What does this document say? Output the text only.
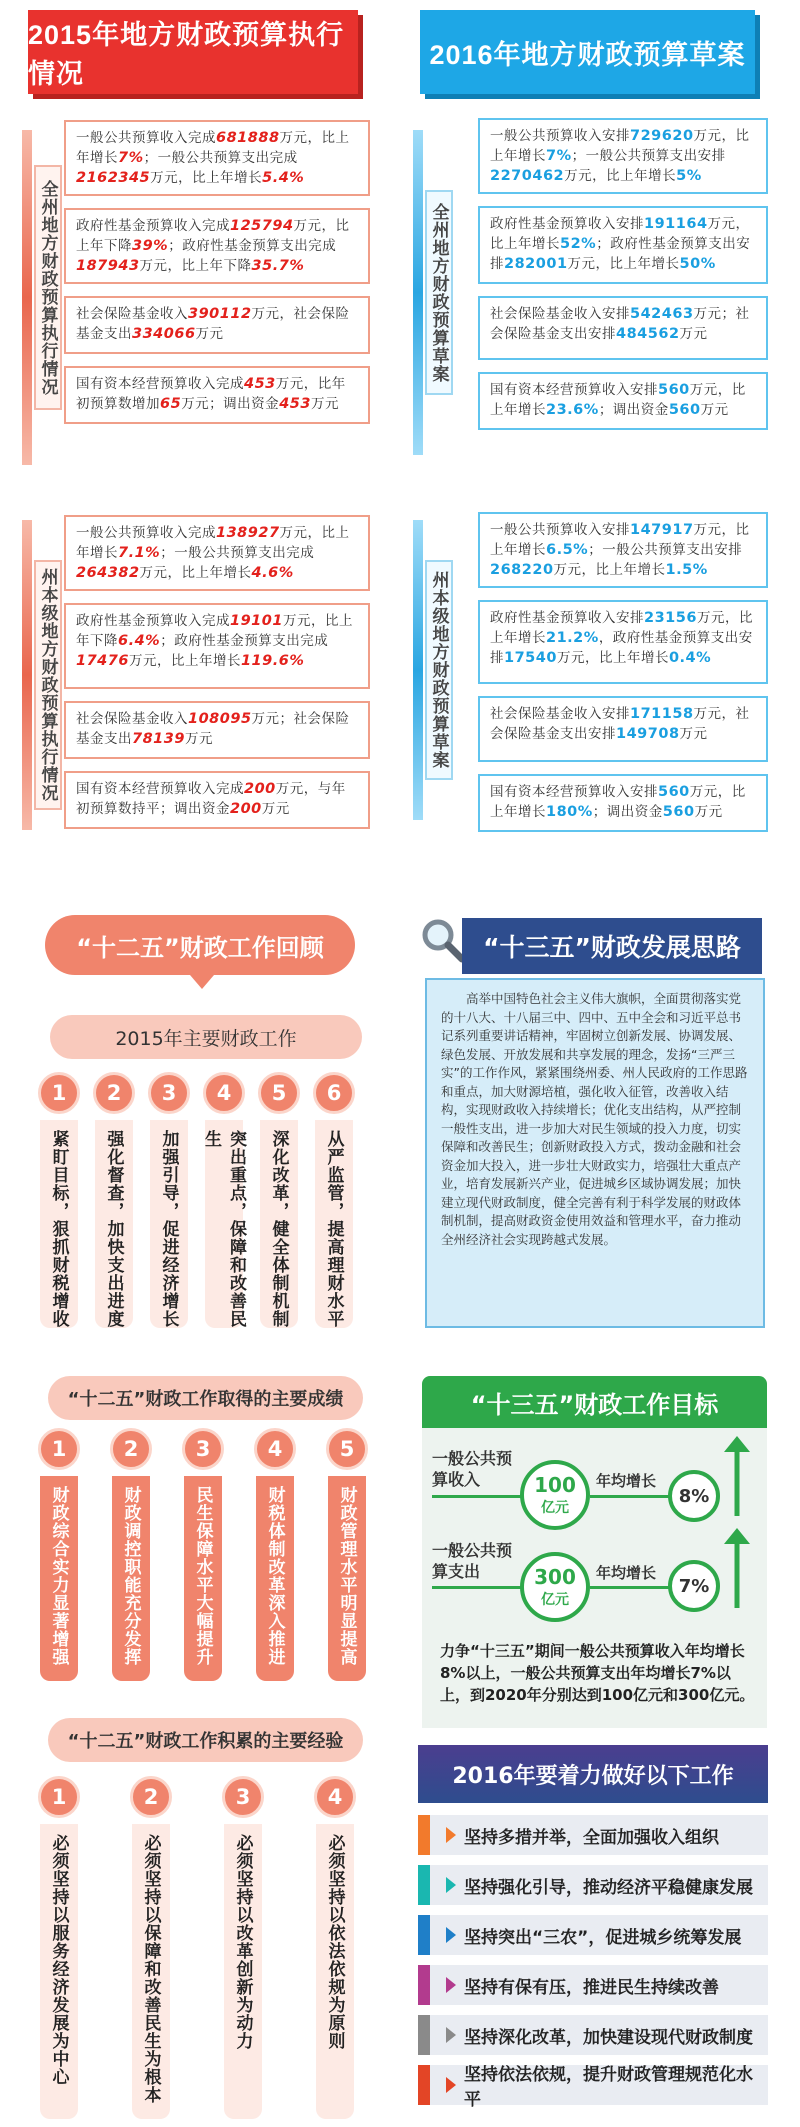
2015年地方财政预算执行情况
2016年地方财政预算草案
全州地方财政预算执行情况
一般公共预算收入完成681888万元，比上年增长7%；一般公共预算支出完成2162345万元，比上年增长5.4%
政府性基金预算收入完成125794万元，比上年下降39%；政府性基金预算支出完成187943万元，比上年下降35.7%
社会保险基金收入390112万元，社会保险基金支出334066万元
国有资本经营预算收入完成453万元，比年初预算数增加65万元；调出资金453万元
州本级地方财政预算执行情况
一般公共预算收入完成138927万元，比上年增长7.1%；一般公共预算支出完成264382万元，比上年增长4.6%
政府性基金预算收入完成19101万元，比上年下降6.4%；政府性基金预算支出完成17476万元，比上年增长119.6%
社会保险基金收入108095万元；社会保险基金支出78139万元
国有资本经营预算收入完成200万元，与年初预算数持平；调出资金200万元
全州地方财政预算草案
一般公共预算收入安排729620万元，比上年增长7%；一般公共预算支出安排2270462万元，比上年增长5%
政府性基金预算收入安排191164万元，比上年增长52%；政府性基金预算支出安排282001万元，比上年增长50%
社会保险基金收入安排542463万元；社会保险基金支出安排484562万元
国有资本经营预算收入安排560万元，比上年增长23.6%；调出资金560万元
州本级地方财政预算草案
一般公共预算收入安排147917万元，比上年增长6.5%；一般公共预算支出安排268220万元，比上年增长1.5%
政府性基金预算收入安排23156万元，比上年增长21.2%，政府性基金预算支出安排17540万元，比上年增长0.4%
社会保险基金收入安排171158万元，社会保险基金支出安排149708万元
国有资本经营预算收入安排560万元，比上年增长180%；调出资金560万元
“十二五”财政工作回顾
2015年主要财政工作
1
紧盯目标，狠抓财税增收
2
强化督查，加快支出进度
3
加强引导，促进经济增长
4
突出重点，保障和改善民生
5
深化改革，健全体制机制
6
从严监管，提高理财水平
“十二五”财政工作取得的主要成绩
1
财政综合实力显著增强
2
财政调控职能充分发挥
3
民生保障水平大幅提升
4
财税体制改革深入推进
5
财政管理水平明显提高
“十二五”财政工作积累的主要经验
1
必须坚持以服务经济发展为中心
2
必须坚持以保障和改善民生为根本
3
必须坚持以改革创新为动力
4
必须坚持以依法依规为原则
“十三五”财政发展思路
高举中国特色社会主义伟大旗帜，全面贯彻落实党的十八大、十八届三中、四中、五中全会和习近平总书记系列重要讲话精神，牢固树立创新发展、协调发展、绿色发展、开放发展和共享发展的理念，发扬“三严三实”的工作作风，紧紧围绕州委、州人民政府的工作思路和重点，加大财源培植，强化收入征管，改善收入结构，实现财政收入持续增长；优化支出结构，从严控制一般性支出，进一步加大对民生领域的投入力度，切实保障和改善民生；创新财政投入方式，拨动金融和社会资金加大投入，进一步壮大财政实力，培强壮大重点产业，培育发展新兴产业，促进城乡区域协调发展；加快建立现代财政制度，健全完善有利于科学发展的财政体制机制，提高财政资金使用效益和管理水平，奋力推动全州经济社会实现跨越式发展。
“十三五”财政工作目标
一般公共预算收入	100
亿元
年均增长
8%
一般公共预算支出	300
亿元
年均增长
7%
力争“十三五”期间一般公共预算收入年均增长8%以上，一般公共预算支出年均增长7%以上，到2020年分别达到100亿元和300亿元。
2016年要着力做好以下工作
坚持多措并举，全面加强收入组织
坚持强化引导，推动经济平稳健康发展
坚持突出“三农”，促进城乡统筹发展
坚持有保有压，推进民生持续改善
坚持深化改革，加快建设现代财政制度
坚持依法依规，提升财政管理规范化水平
